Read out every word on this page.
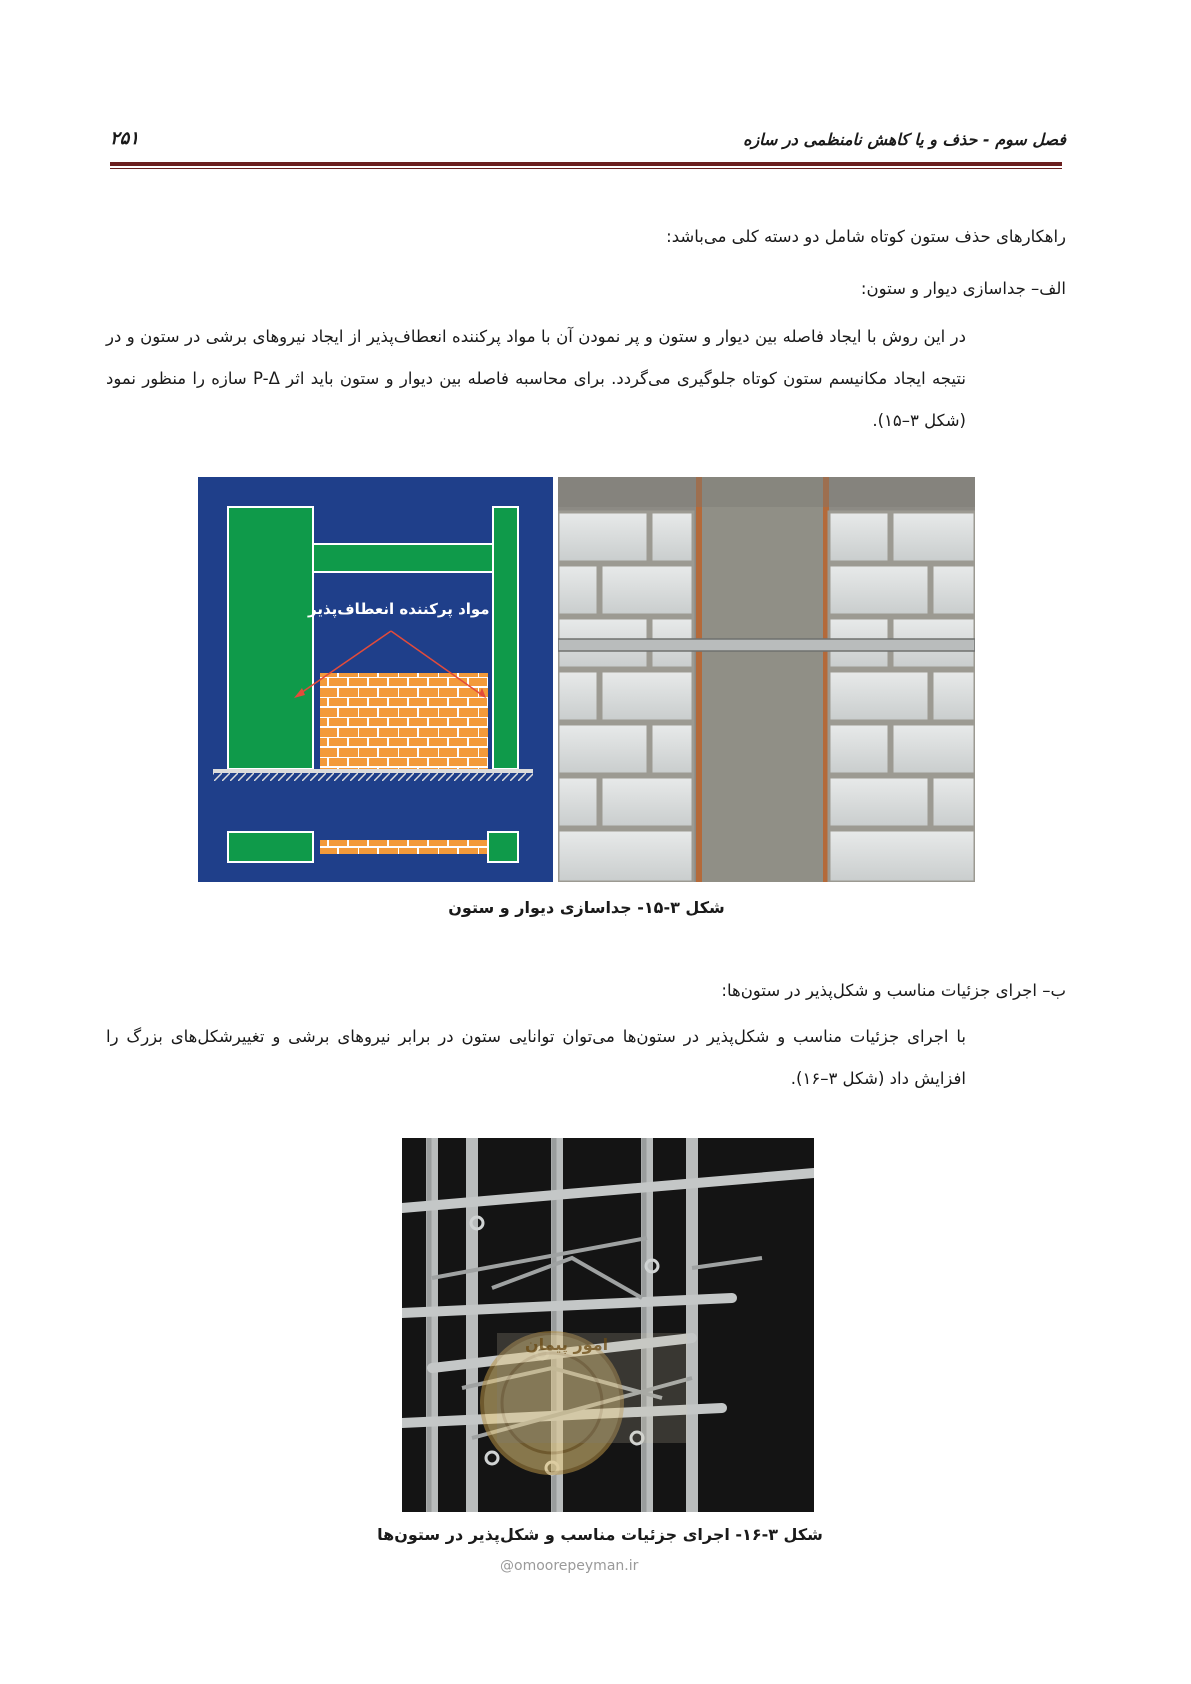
۲۵۱	فصل سوم - حذف و یا کاهش نامنظمی در سازه
راهکارهای حذف ستون کوتاه شامل دو دسته کلی می‌باشد:
الف– جداسازی دیوار و ستون:
در این روش با ایجاد فاصله بین دیوار و ستون و پر نمودن آن با مواد پرکننده انعطاف‌پذیر از ایجاد نیروهای برشی در ستون و در نتیجه ایجاد مکانیسم ستون کوتاه جلوگیری می‌گردد. برای محاسبه فاصله بین دیوار و ستون باید اثر P-Δ سازه را منظور نمود (شکل ۳–۱۵).
مواد پرکننده انعطاف‌پذیر
شکل ۳-۱۵- جداسازی دیوار و ستون
ب– اجرای جزئیات مناسب و شکل‌پذیر در ستون‌ها:
با اجرای جزئیات مناسب و شکل‌پذیر در ستون‌ها می‌توان توانایی ستون در برابر نیروهای برشی و تغییرشکل‌های بزرگ را افزایش داد (شکل ۳–۱۶).
امور پیمان
شکل ۳-۱۶- اجرای جزئیات مناسب و شکل‌پذیر در ستون‌ها
@omoorepeyman.ir
